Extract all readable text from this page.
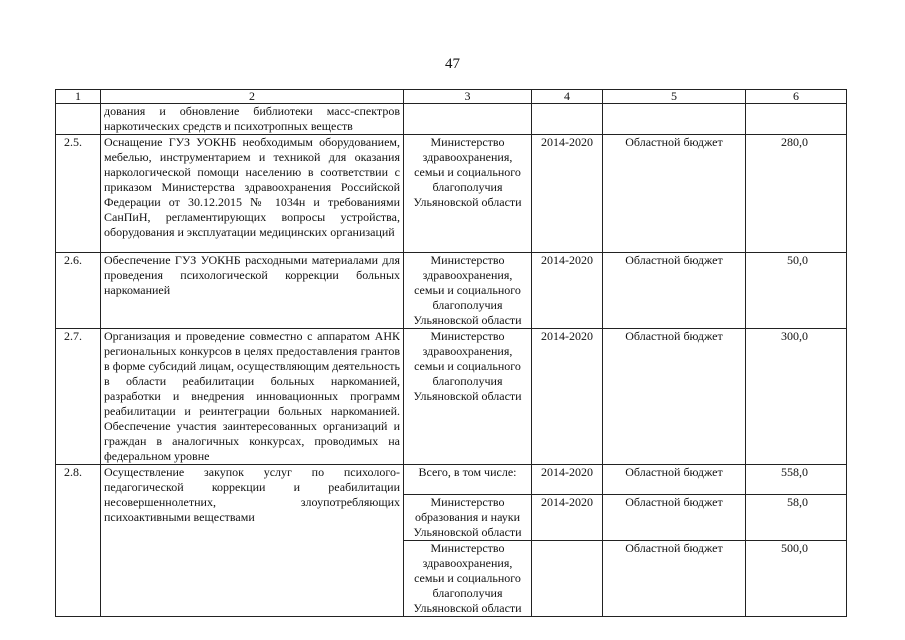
47
1	2	3	4	5	6
	дования и обновление библиотеки масс-спектров наркотических средств и психотропных веществ				
2.5.	Оснащение ГУЗ УОКНБ необходимым оборудованием, мебелью, инструментарием и техникой для оказания наркологической помощи населению в соответствии с приказом Министерства здравоохранения Российской Федерации от 30.12.2015 № 1034н и требованиями СанПиН, регламентирующих вопросы устройства, оборудования и эксплуатации медицинских организаций	Министерство здравоохранения, семьи и социального благополучия Ульяновской области	2014-2020	Областной бюджет	280,0
2.6.	Обеспечение ГУЗ УОКНБ расходными материалами для проведения психологической коррекции больных наркоманией	Министерство здравоохранения, семьи и социального благополучия Ульяновской области	2014-2020	Областной бюджет	50,0
2.7.	Организация и проведение совместно с аппаратом АНК региональных конкурсов в целях предоставления грантов в форме субсидий лицам, осуществляющим деятельность в области реабилитации больных наркоманией, разработки и внедрения инновационных программ реабилитации и реинтеграции больных наркоманией. Обеспечение участия заинтересованных организаций и граждан в аналогичных конкурсах, проводимых на федеральном уровне	Министерство здравоохранения, семьи и социального благополучия Ульяновской области	2014-2020	Областной бюджет	300,0
2.8.	Осуществление закупок услуг по психолого-педагогической коррекции и реабилитации несовершеннолетних, злоупотребляющих психоактивными веществами	Всего, в том числе:	2014-2020	Областной бюджет	558,0
		Министерство образования и науки Ульяновской области	2014-2020	Областной бюджет	58,0
		Министерство здравоохранения, семьи и социального благополучия Ульяновской области		Областной бюджет	500,0
